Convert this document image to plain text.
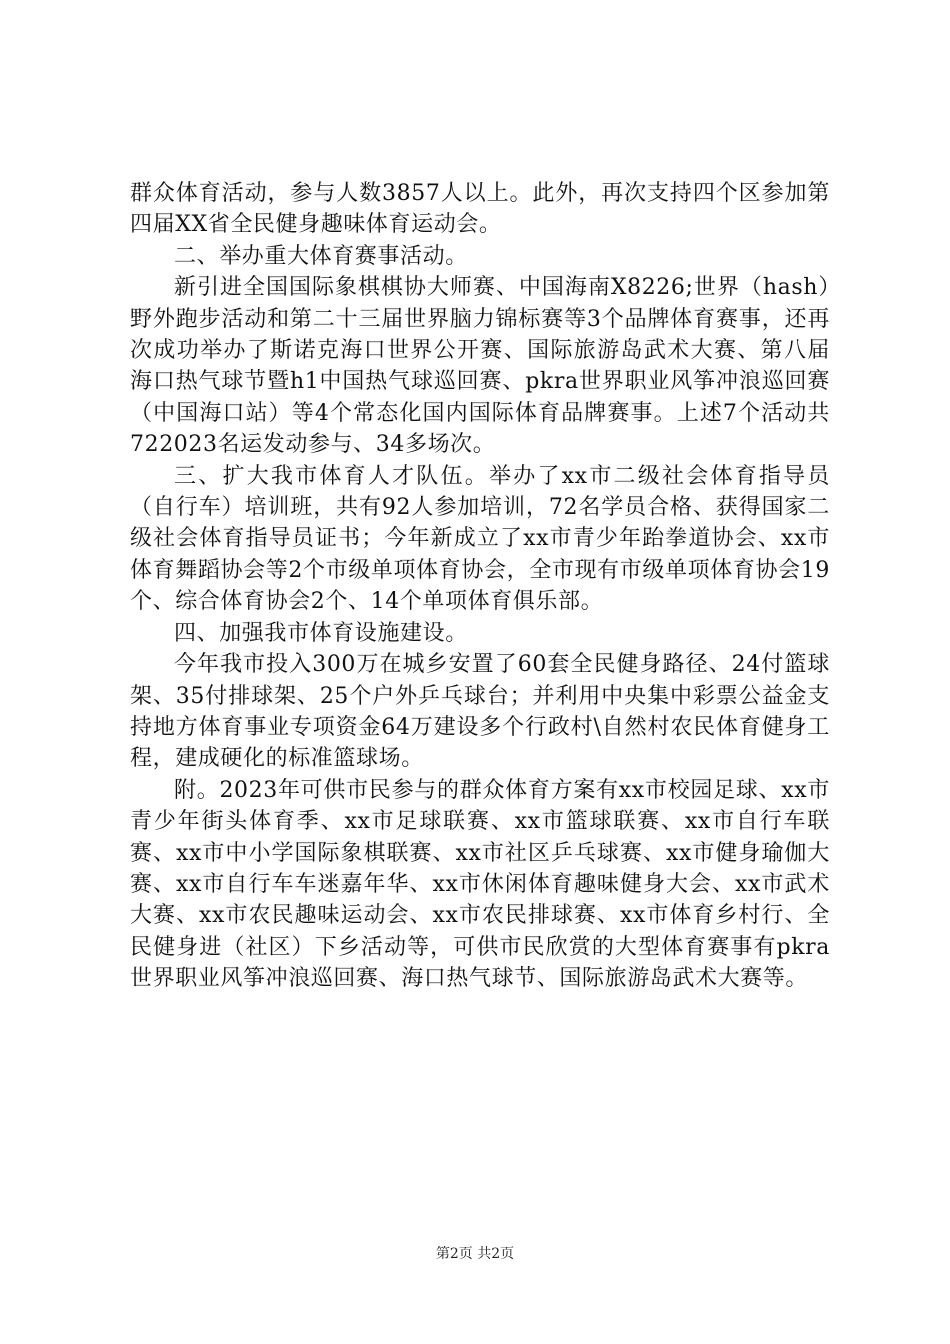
群众体育活动，参与人数3857人以上。此外，再次支持四个区参加第四届XX省全民健身趣味体育运动会。

二、举办重大体育赛事活动。

新引进全国国际象棋棋协大师赛、中国海南X8226;世界（hash）野外跑步活动和第二十三届世界脑力锦标赛等3个品牌体育赛事，还再次成功举办了斯诺克海口世界公开赛、国际旅游岛武术大赛、第八届海口热气球节暨h1中国热气球巡回赛、pkra世界职业风筝冲浪巡回赛（中国海口站）等4个常态化国内国际体育品牌赛事。上述7个活动共722023名运发动参与、34多场次。

三、扩大我市体育人才队伍。举办了xx市二级社会体育指导员（自行车）培训班，共有92人参加培训，72名学员合格、获得国家二级社会体育指导员证书；今年新成立了xx市青少年跆拳道协会、xx市体育舞蹈协会等2个市级单项体育协会，全市现有市级单项体育协会19个、综合体育协会2个、14个单项体育俱乐部。

四、加强我市体育设施建设。

今年我市投入300万在城乡安置了60套全民健身路径、24付篮球架、35付排球架、25个户外乒乓球台；并利用中央集中彩票公益金支持地方体育事业专项资金64万建设多个行政村\自然村农民体育健身工程，建成硬化的标准篮球场。

附。2023年可供市民参与的群众体育方案有xx市校园足球、xx市青少年街头体育季、xx市足球联赛、xx市篮球联赛、xx市自行车联赛、xx市中小学国际象棋联赛、xx市社区乒乓球赛、xx市健身瑜伽大赛、xx市自行车车迷嘉年华、xx市休闲体育趣味健身大会、xx市武术大赛、xx市农民趣味运动会、xx市农民排球赛、xx市体育乡村行、全民健身进（社区）下乡活动等，可供市民欣赏的大型体育赛事有pkra世界职业风筝冲浪巡回赛、海口热气球节、国际旅游岛武术大赛等。

第2页 共2页
